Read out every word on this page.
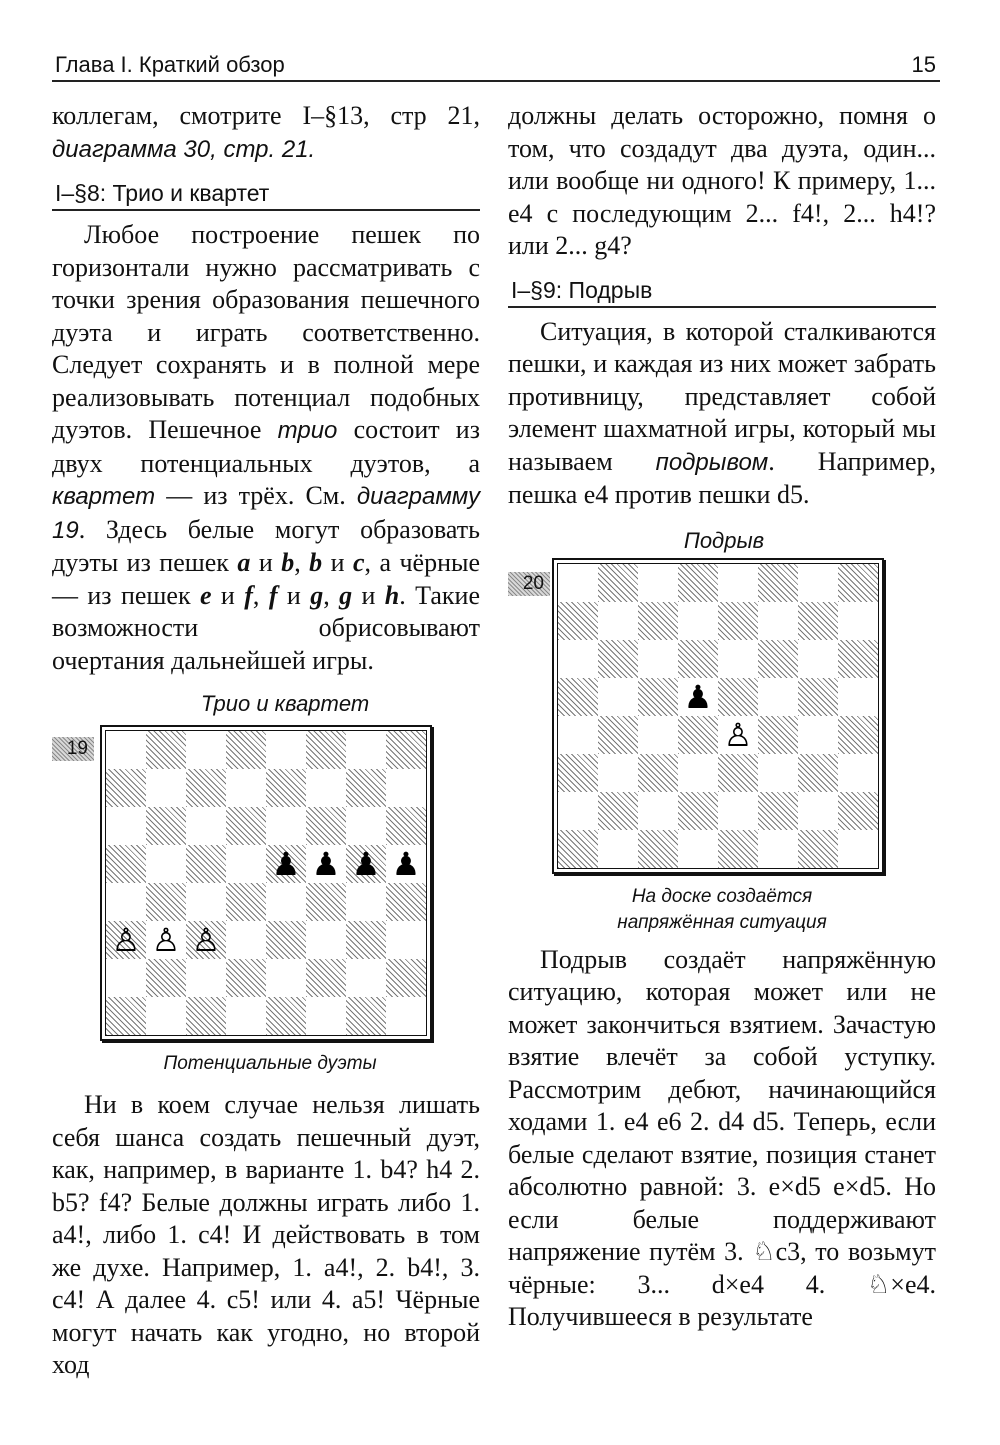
Глава I. Краткий обзор	15

коллегам, смотрите I–§13, стр 21, диаграмма 30, стр. 21.

I–§8: Трио и квартет

Любое построение пешек по горизонтали нужно рассматривать с точки зрения образования пешечного дуэта и играть соответственно. Следует сохранять и в полной мере реализовывать потенциал подобных дуэтов. Пешечное трио состоит из двух потенциальных дуэтов, а квартет — из трёх. См. диаграмму 19. Здесь белые могут образовать дуэты из пешек a и b, b и c, а чёрные — из пешек e и f, f и g, g и h. Такие возможности обрисовывают очертания дальнейшей игры.

Трио и квартет
19
♟ ♟ ♟ ♟
♙ ♙ ♙
Потенциальные дуэты

Ни в коем случае нельзя лишать себя шанса создать пешечный дуэт, как, например, в варианте 1. b4? h4 2. b5? f4? Белые должны играть либо 1. a4!, либо 1. c4! И действовать в том же духе. Например, 1. a4!, 2. b4!, 3. c4! А далее 4. c5! или 4. a5! Чёрные могут начать как угодно, но второй ход

должны делать осторожно, помня о том, что создадут два дуэта, один... или вообще ни одного! К примеру, 1... e4 с последующим 2... f4!, 2... h4!? или 2... g4?

I–§9: Подрыв

Ситуация, в которой сталкиваются пешки, и каждая из них может забрать противницу, представляет собой элемент шахматной игры, который мы называем подрывом. Например, пешка e4 против пешки d5.

Подрыв
20
♟
♙
На доске создаётся
напряжённая ситуация

Подрыв создаёт напряжённую ситуацию, которая может или не может закончиться взятием. Зачастую взятие влечёт за собой уступку. Рассмотрим дебют, начинающийся ходами 1. e4 e6 2. d4 d5. Теперь, если белые сделают взятие, позиция станет абсолютно равной: 3. e×d5 e×d5. Но если белые поддерживают напряжение путём 3. ♘c3, то возьмут чёрные: 3... d×e4 4. ♘×e4. Получившееся в результате
